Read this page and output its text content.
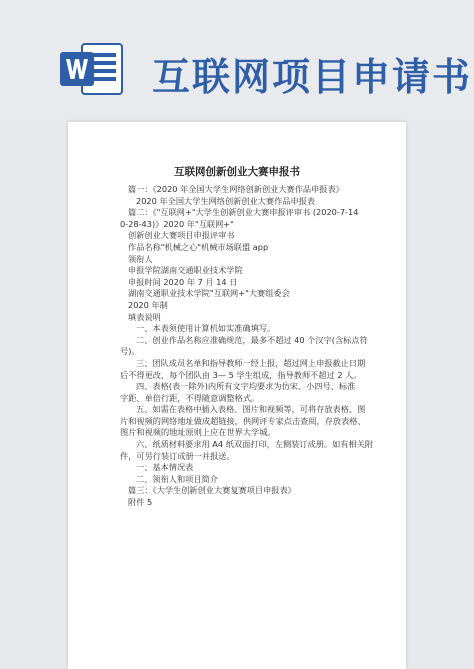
互联网项目申请书
互联网创新创业大赛申报书
篇一：《2020 年全国大学生网络创新创业大赛作品申报表》
2020 年全国大学生网络创新创业大赛作品申报表
篇二：《"互联网+"大学生创新创业大赛申报评审书 (2020-7-14
0-28-43)》2020 年"互联网+"
创新创业大赛项目申报评审书
作品名称"机械之心"机械市场联盟 app
领衔人
申报学院湖南交通职业技术学院
申报时间 2020 年 7 月 14 日
湖南交通职业技术学院"互联网+"大赛组委会
2020 年制
填表说明
一、本表须使用计算机如实准确填写。
二、创业作品名称应准确规范，最多不超过 40 个汉字(含标点符
号)。
三、团队成员名单和指导教师一经上报，超过网上申报截止日期
后不得更改，每个团队由 3— 5 学生组成，指导教师不超过 2 人。
四、表格(表一除外)内所有文字均要求为仿宋、小四号、标准
字距、单倍行距，不得随意调整格式。
五、如需在表格中插入表格、图片和视频等，可将存放表格、图
片和视频的网络地址做成超链接，供网评专家点击查阅，存放表格、
图片和视频的地址原则上应在世界大学城。
六、纸质材料要求用 A4 纸双面打印，左侧装订成册。如有相关附
件，可另行装订成册一并报送。
一、基本情况表
二、领衔人和项目简介
篇三：《大学生创新创业大赛复赛项目申报表》
附件 5
